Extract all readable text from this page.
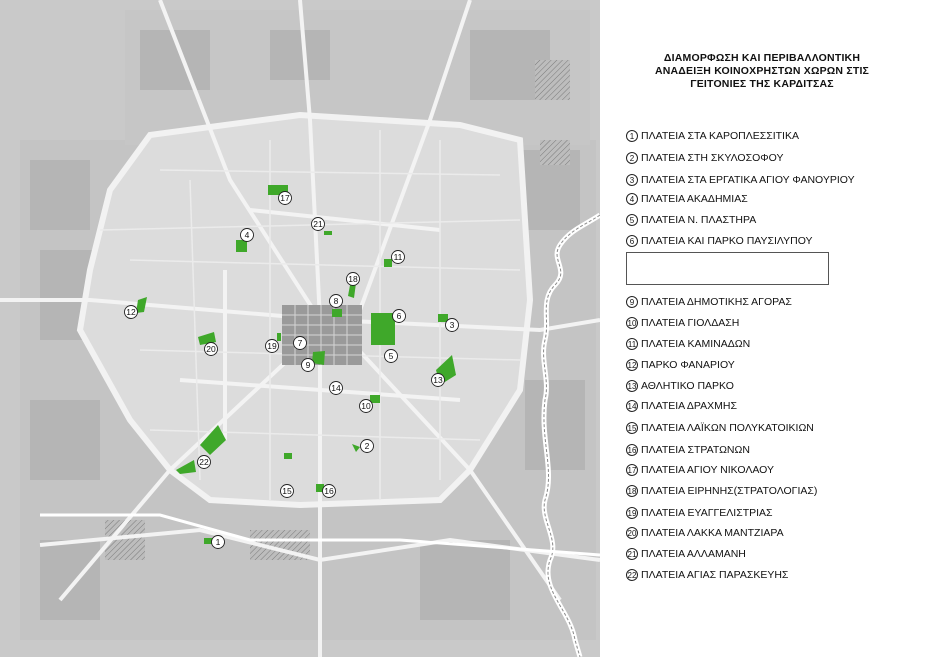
1
2
3
4
5
6
7
8
9
10
11
12
13
14
15	16
17
18
19
20
21
22
ΔΙΑΜΟΡΦΩΣΗ ΚΑΙ ΠΕΡΙΒΑΛΛΟΝΤΙΚΗ
ΑΝΑΔΕΙΞΗ ΚΟΙΝΟΧΡΗΣΤΩΝ ΧΩΡΩΝ ΣΤΙΣ
ΓΕΙΤΟΝΙΕΣ ΤΗΣ ΚΑΡΔΙΤΣΑΣ
1 ΠΛΑΤΕΙΑ ΣΤΑ ΚΑΡΟΠΛΕΣΣΙΤΙΚΑ
2 ΠΛΑΤΕΙΑ ΣΤΗ ΣΚΥΛΟΣΟΦΟΥ
3 ΠΛΑΤΕΙΑ ΣΤΑ ΕΡΓΑΤΙΚΑ ΑΓΙΟΥ ΦΑΝΟΥΡΙΟΥ
4 ΠΛΑΤΕΙΑ ΑΚΑΔΗΜΙΑΣ
5 ΠΛΑΤΕΙΑ Ν. ΠΛΑΣΤΗΡΑ
6 ΠΛΑΤΕΙΑ ΚΑΙ ΠΑΡΚΟ ΠΑΥΣΙΛΥΠΟΥ
9 ΠΛΑΤΕΙΑ ΔΗΜΟΤΙΚΗΣ ΑΓΟΡΑΣ
10 ΠΛΑΤΕΙΑ ΓΙΟΛΔΑΣΗ
11 ΠΛΑΤΕΙΑ ΚΑΜΙΝΑΔΩΝ
12 ΠΑΡΚΟ ΦΑΝΑΡΙΟΥ
13 ΑΘΛΗΤΙΚΟ ΠΑΡΚΟ
14 ΠΛΑΤΕΙΑ ΔΡΑΧΜΗΣ
15 ΠΛΑΤΕΙΑ ΛΑΪΚΩΝ ΠΟΛΥΚΑΤΟΙΚΙΩΝ
16 ΠΛΑΤΕΙΑ ΣΤΡΑΤΩΝΩΝ
17 ΠΛΑΤΕΙΑ ΑΓΙΟΥ ΝΙΚΟΛΑΟΥ
18 ΠΛΑΤΕΙΑ ΕΙΡΗΝΗΣ(ΣΤΡΑΤΟΛΟΓΙΑΣ)
19 ΠΛΑΤΕΙΑ ΕΥΑΓΓΕΛΙΣΤΡΙΑΣ
20 ΠΛΑΤΕΙΑ ΛΑΚΚΑ ΜΑΝΤΖΙΑΡΑ
21 ΠΛΑΤΕΙΑ ΑΛΛΑΜΑΝΗ
22 ΠΛΑΤΕΙΑ ΑΓΙΑΣ ΠΑΡΑΣΚΕΥΗΣ
